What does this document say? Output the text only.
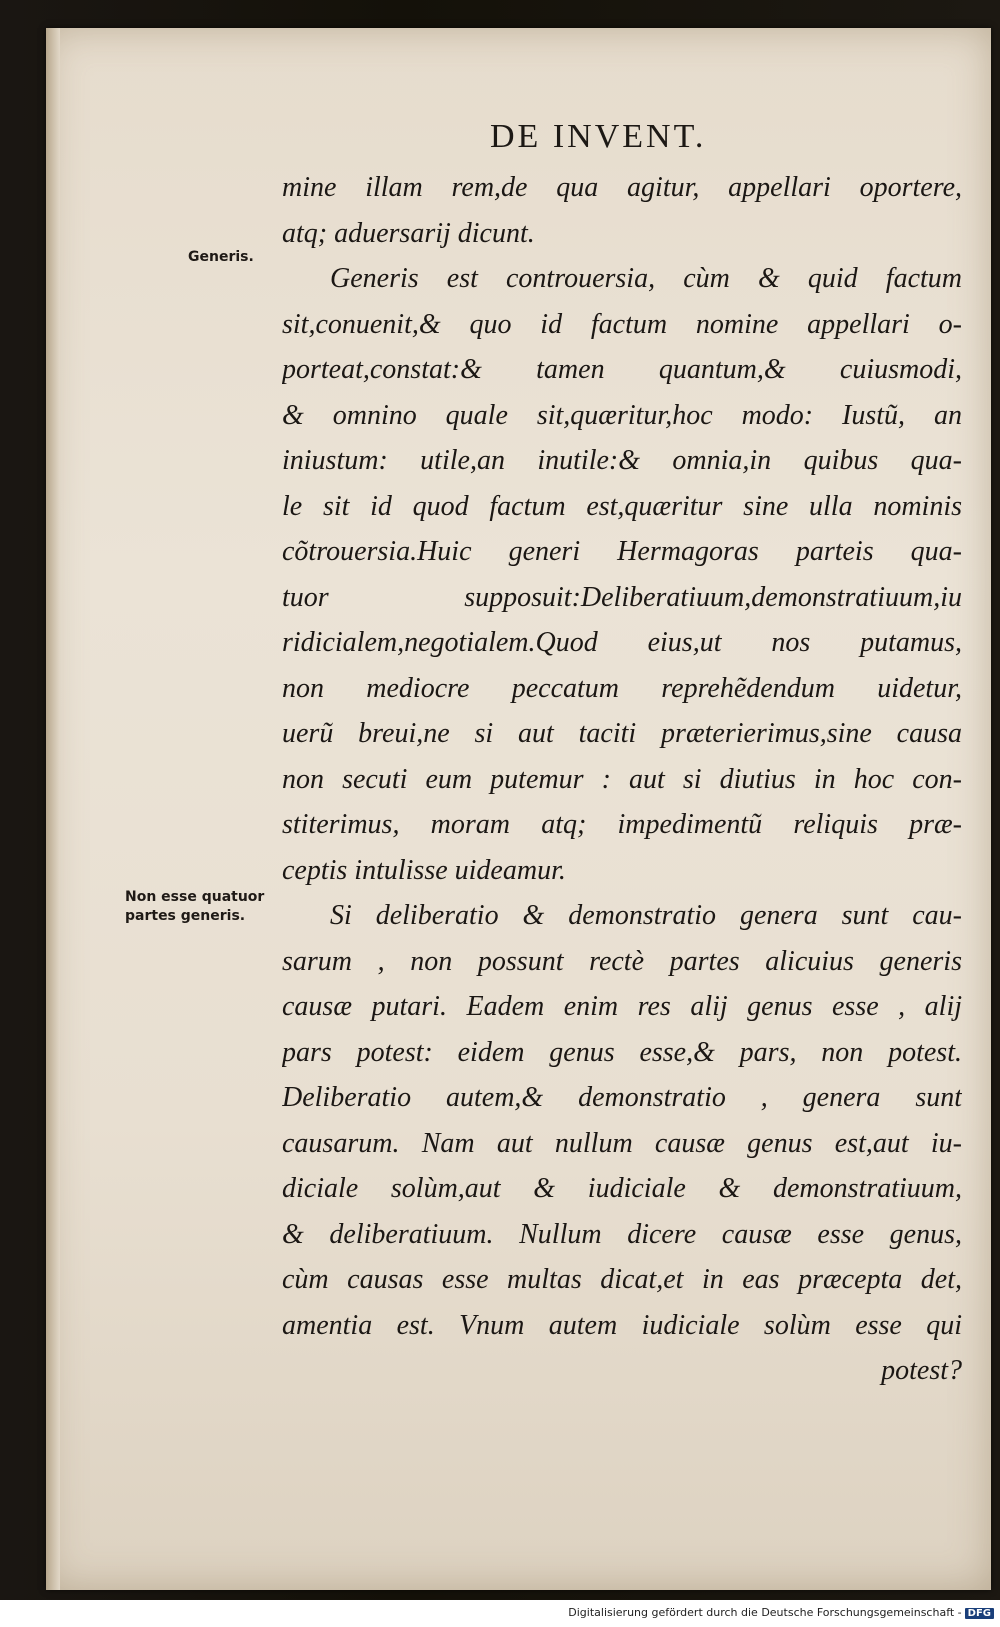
DE INVENT.
Generis.
Non esse quatuor partes generis.
mine illam rem,de qua agitur, appellari oportere,
atq; aduersarij dicunt.
Generis est controuersia, cùm & quid factum
sit,conuenit,& quo id factum nomine appellari o-
porteat,constat:& tamen quantum,& cuiusmodi,
& omnino quale sit,quæritur,hoc modo: Iustũ, an
iniustum: utile,an inutile:& omnia,in quibus qua-
le sit id quod factum est,quæritur sine ulla nominis
cõtrouersia.Huic generi Hermagoras parteis qua-
tuor supposuit:Deliberatiuum,demonstratiuum,iu
ridicialem,negotialem.Quod eius,ut nos putamus,
non mediocre peccatum reprehẽdendum uidetur,
uerũ breui,ne si aut taciti præterierimus,sine causa
non secuti eum putemur : aut si diutius in hoc con-
stiterimus, moram atq; impedimentũ reliquis præ-
ceptis intulisse uideamur.
Si deliberatio & demonstratio genera sunt cau-
sarum , non possunt rectè partes alicuius generis
causæ putari. Eadem enim res alij genus esse , alij
pars potest: eidem genus esse,& pars, non potest.
Deliberatio autem,& demonstratio , genera sunt
causarum. Nam aut nullum causæ genus est,aut iu-
diciale solùm,aut & iudiciale & demonstratiuum,
& deliberatiuum. Nullum dicere causæ esse genus,
cùm causas esse multas dicat,et in eas præcepta det,
amentia est. Vnum autem iudiciale solùm esse qui
potest?
Digitalisierung gefördert durch die Deutsche Forschungsgemeinschaft - DFG
